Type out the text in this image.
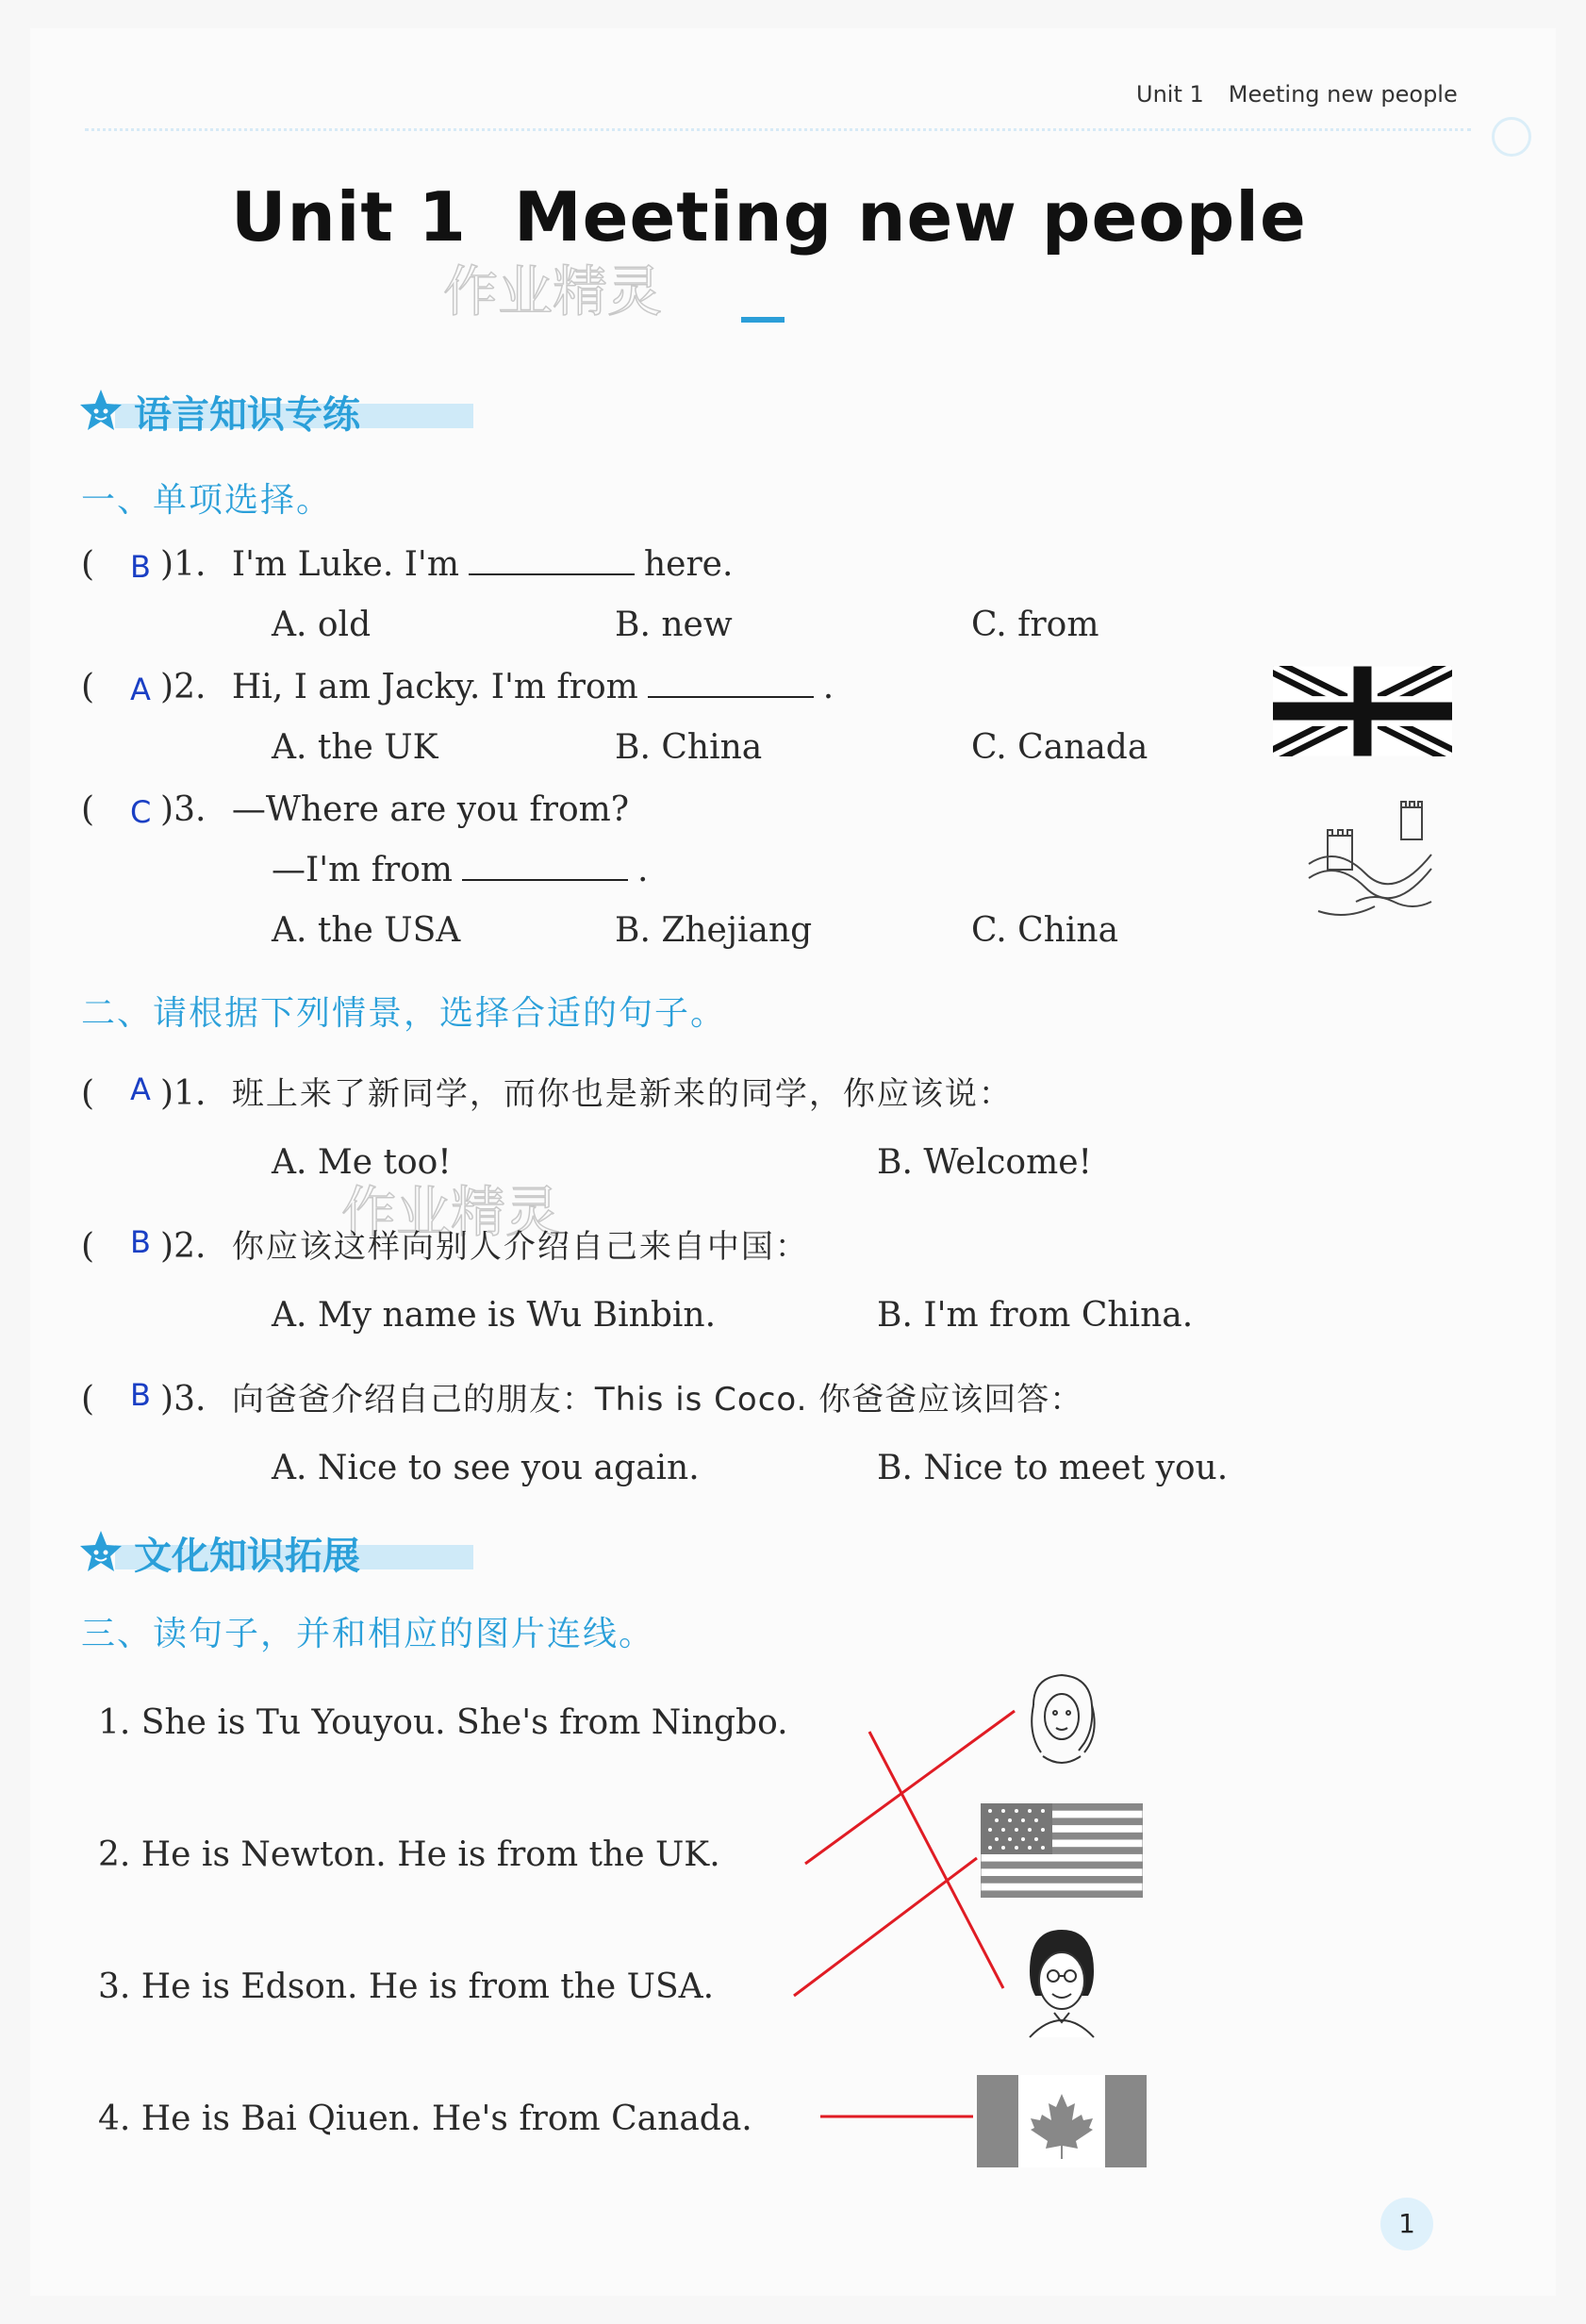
Unit 1 Meeting new people
Unit 1 Meeting new people
作业精灵
语言知识专练
一、单项选择。
( )1. I'm Luke. I'm	here.
B
A. old	B. new	C. from
( )2. Hi, I am Jacky. I'm from	.
A
A. the UK	B. China	C. Canada
( )3. —Where are you from?
C
—I'm from	.
A. the USA	B. Zhejiang	C. China
二、请根据下列情景，选择合适的句子。
( )1. 班上来了新同学，而你也是新来的同学，你应该说：
A
A. Me too!	B. Welcome!
作业精灵
( )2. 你应该这样向别人介绍自己来自中国：
B
A. My name is Wu Binbin.	B. I'm from China.
( )3. 向爸爸介绍自己的朋友：This is Coco. 你爸爸应该回答：
B
A. Nice to see you again.	B. Nice to meet you.
文化知识拓展
三、读句子，并和相应的图片连线。
1. She is Tu Youyou. She's from Ningbo.
2. He is Newton. He is from the UK.
3. He is Edson. He is from the USA.
4. He is Bai Qiuen. He's from Canada.
1
